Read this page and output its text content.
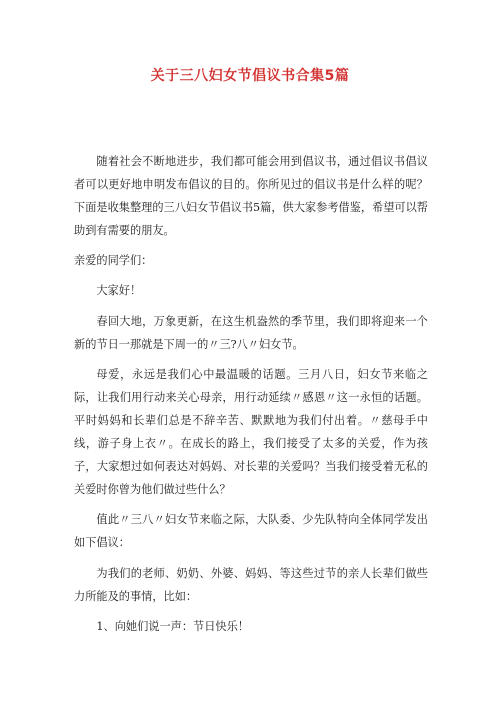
关于三八妇女节倡议书合集5篇

随着社会不断地进步，我们都可能会用到倡议书，通过倡议书倡议者可以更好地申明发布倡议的目的。你所见过的倡议书是什么样的呢？下面是收集整理的三八妇女节倡议书5篇，供大家参考借鉴，希望可以帮助到有需要的朋友。

亲爱的同学们：

大家好！

春回大地，万象更新，在这生机盎然的季节里，我们即将迎来一个新的节日一那就是下周一的〃三?八〃妇女节。

母爱，永远是我们心中最温暖的话题。三月八日，妇女节来临之际，让我们用行动来关心母亲，用行动延续〃感恩〃这一永恒的话题。平时妈妈和长辈们总是不辞辛苦、默默地为我们付出着。〃慈母手中线，游子身上衣〃。在成长的路上，我们接受了太多的关爱，作为孩子，大家想过如何表达对妈妈、对长辈的关爱吗？当我们接受着无私的关爱时你曾为他们做过些什么？

值此〃三八〃妇女节来临之际，大队委、少先队特向全体同学发出如下倡议：

为我们的老师、奶奶、外婆、妈妈、等这些过节的亲人长辈们做些力所能及的事情，比如：

1、向她们说一声：节日快乐！
